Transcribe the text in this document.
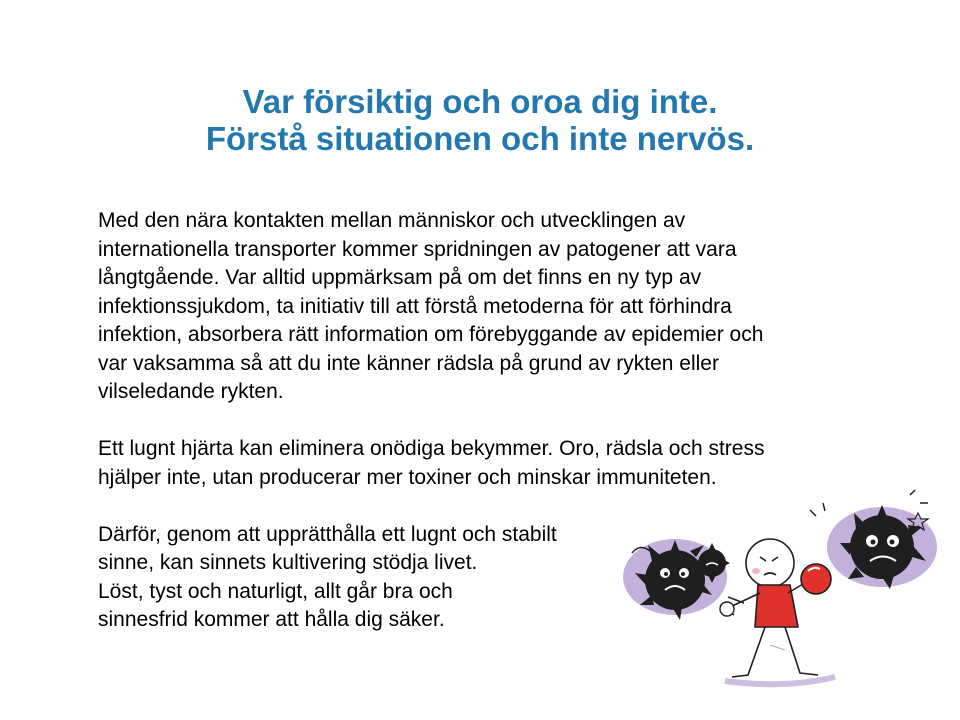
Var försiktig och oroa dig inte.
Förstå situationen och inte nervös.
Med den nära kontakten mellan människor och utvecklingen av
internationella transporter kommer spridningen av patogener att vara
långtgående. Var alltid uppmärksam på om det finns en ny typ av
infektionssjukdom, ta initiativ till att förstå metoderna för att förhindra
infektion, absorbera rätt information om förebyggande av epidemier och
var vaksamma så att du inte känner rädsla på grund av rykten eller
vilseledande rykten.
Ett lugnt hjärta kan eliminera onödiga bekymmer. Oro, rädsla och stress
hjälper inte, utan producerar mer toxiner och minskar immuniteten.
Därför, genom att upprätthålla ett lugnt och stabilt
sinne, kan sinnets kultivering stödja livet.
Löst, tyst och naturligt, allt går bra och
sinnesfrid kommer att hålla dig säker.
